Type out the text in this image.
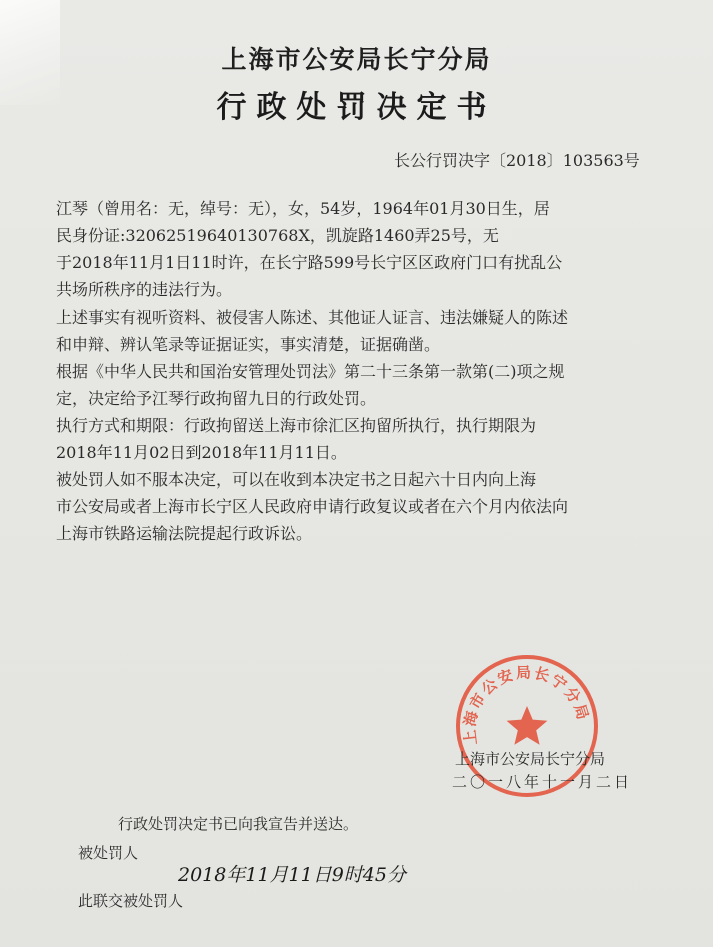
上海市公安局长宁分局
行政处罚决定书
长公行罚决字〔2018〕103563号
江琴（曾用名：无，绰号：无），女，54岁，1964年01月30日生，居
民身份证:32062519640130768X，凯旋路1460弄25号，无
于2018年11月1日11时许，在长宁路599号长宁区区政府门口有扰乱公
共场所秩序的违法行为。
上述事实有视听资料、被侵害人陈述、其他证人证言、违法嫌疑人的陈述
和申辩、辨认笔录等证据证实，事实清楚，证据确凿。
根据《中华人民共和国治安管理处罚法》第二十三条第一款第(二)项之规
定，决定给予江琴行政拘留九日的行政处罚。
执行方式和期限：行政拘留送上海市徐汇区拘留所执行，执行期限为
2018年11月02日到2018年11月11日。
被处罚人如不服本决定，可以在收到本决定书之日起六十日内向上海
市公安局或者上海市长宁区人民政府申请行政复议或者在六个月内依法向
上海市铁路运输法院提起行政诉讼。
上海市公安局长宁分局
上海市公安局长宁分局
二〇一八年十一月二日
行政处罚决定书已向我宣告并送达。
被处罚人
2018年11月11日9时45分
此联交被处罚人
